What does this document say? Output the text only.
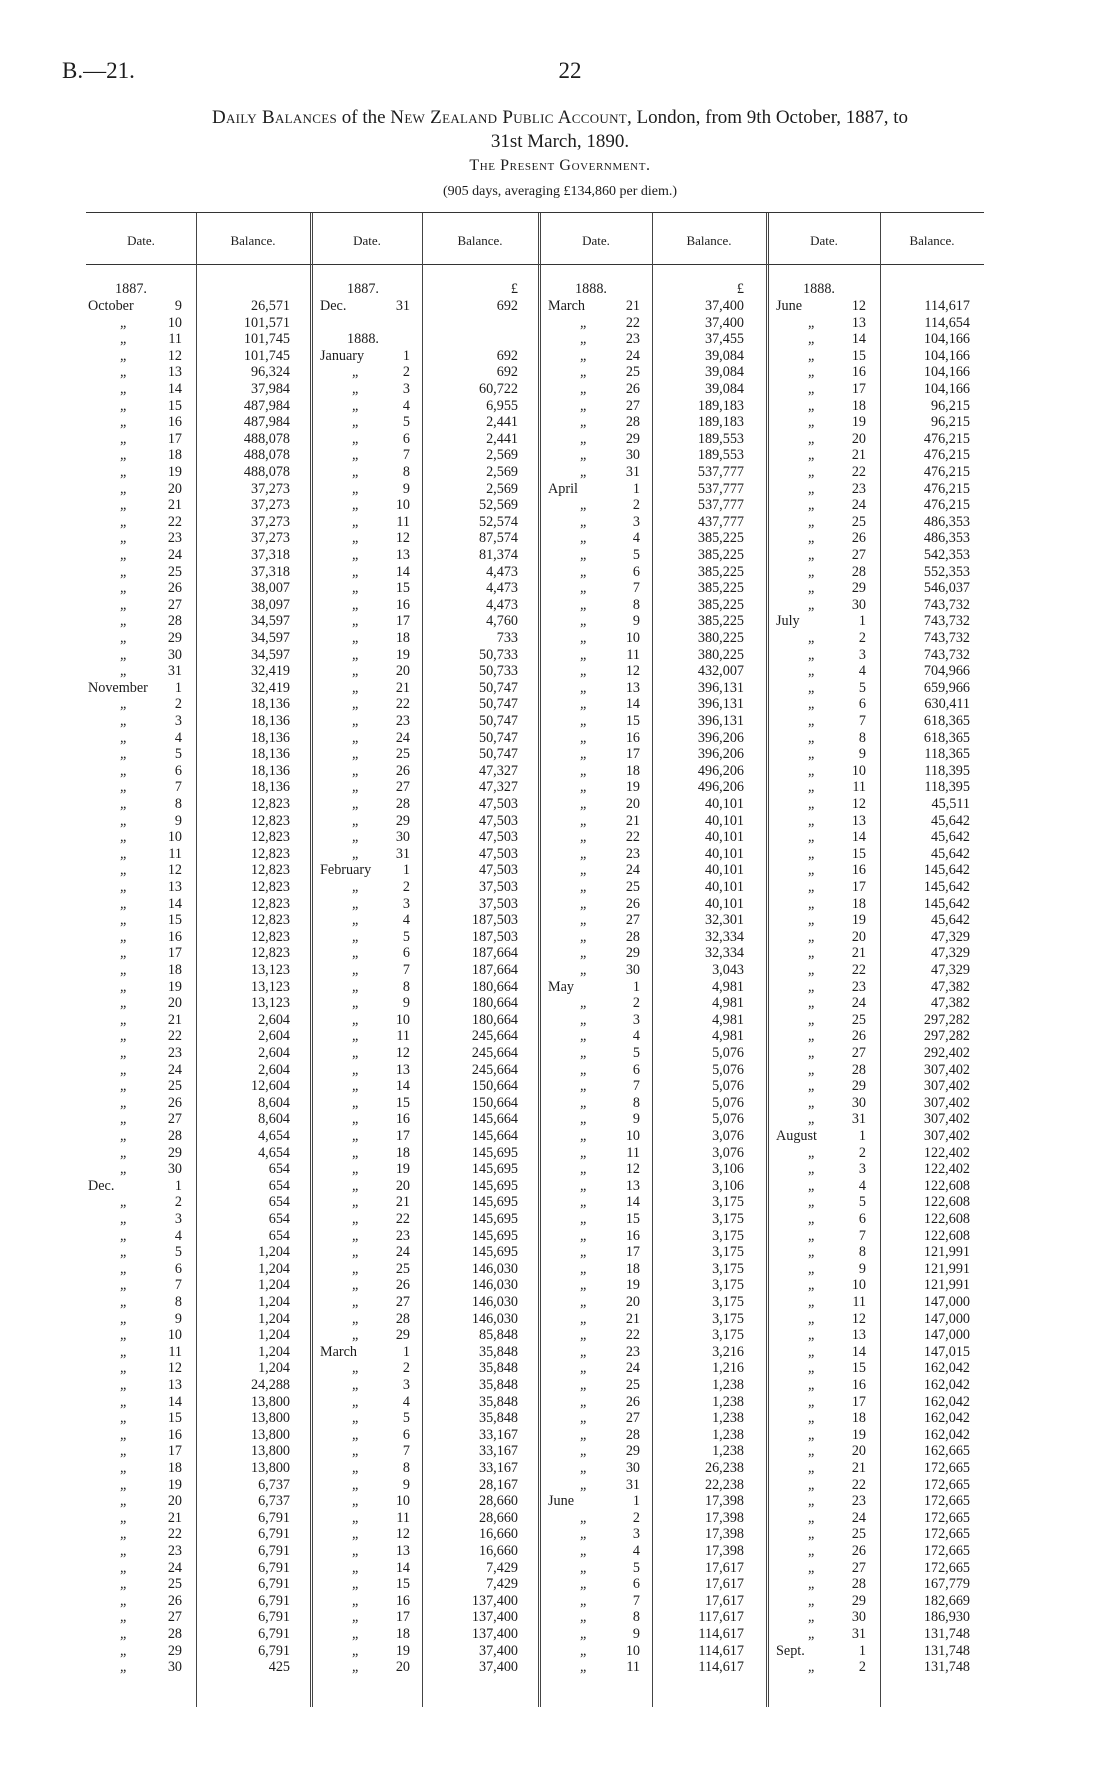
B.—21.	22
Daily Balances of the New Zealand Public Account, London, from 9th October, 1887, to
31st March, 1890.
The Present Government.
(905 days, averaging £134,860 per diem.)
Date.	Balance.	Date.	Balance.	Date.	Balance.	Date.	Balance.
1887.
October	9	26,571
„	10	101,571
„	11	101,745
„	12	101,745
„	13	96,324
„	14	37,984
„	15	487,984
„	16	487,984
„	17	488,078
„	18	488,078
„	19	488,078
„	20	37,273
„	21	37,273
„	22	37,273
„	23	37,273
„	24	37,318
„	25	37,318
„	26	38,007
„	27	38,097
„	28	34,597
„	29	34,597
„	30	34,597
„	31	32,419
November	1	32,419
„	2	18,136
„	3	18,136
„	4	18,136
„	5	18,136
„	6	18,136
„	7	18,136
„	8	12,823
„	9	12,823
„	10	12,823
„	11	12,823
„	12	12,823
„	13	12,823
„	14	12,823
„	15	12,823
„	16	12,823
„	17	12,823
„	18	13,123
„	19	13,123
„	20	13,123
„	21	2,604
„	22	2,604
„	23	2,604
„	24	2,604
„	25	12,604
„	26	8,604
„	27	8,604
„	28	4,654
„	29	4,654
„	30	654
Dec.	1	654
„	2	654
„	3	654
„	4	654
„	5	1,204
„	6	1,204
„	7	1,204
„	8	1,204
„	9	1,204
„	10	1,204
„	11	1,204
„	12	1,204
„	13	24,288
„	14	13,800
„	15	13,800
„	16	13,800
„	17	13,800
„	18	13,800
„	19	6,737
„	20	6,737
„	21	6,791
„	22	6,791
„	23	6,791
„	24	6,791
„	25	6,791
„	26	6,791
„	27	6,791
„	28	6,791
„	29	6,791
„	30	425
1887.	£
Dec.	31	692
1888.
January	1	692
„	2	692
„	3	60,722
„	4	6,955
„	5	2,441
„	6	2,441
„	7	2,569
„	8	2,569
„	9	2,569
„	10	52,569
„	11	52,574
„	12	87,574
„	13	81,374
„	14	4,473
„	15	4,473
„	16	4,473
„	17	4,760
„	18	733
„	19	50,733
„	20	50,733
„	21	50,747
„	22	50,747
„	23	50,747
„	24	50,747
„	25	50,747
„	26	47,327
„	27	47,327
„	28	47,503
„	29	47,503
„	30	47,503
„	31	47,503
February	1	47,503
„	2	37,503
„	3	37,503
„	4	187,503
„	5	187,503
„	6	187,664
„	7	187,664
„	8	180,664
„	9	180,664
„	10	180,664
„	11	245,664
„	12	245,664
„	13	245,664
„	14	150,664
„	15	150,664
„	16	145,664
„	17	145,664
„	18	145,695
„	19	145,695
„	20	145,695
„	21	145,695
„	22	145,695
„	23	145,695
„	24	145,695
„	25	146,030
„	26	146,030
„	27	146,030
„	28	146,030
„	29	85,848
March	1	35,848
„	2	35,848
„	3	35,848
„	4	35,848
„	5	35,848
„	6	33,167
„	7	33,167
„	8	33,167
„	9	28,167
„	10	28,660
„	11	28,660
„	12	16,660
„	13	16,660
„	14	7,429
„	15	7,429
„	16	137,400
„	17	137,400
„	18	137,400
„	19	37,400
„	20	37,400
1888.	£
March	21	37,400
„	22	37,400
„	23	37,455
„	24	39,084
„	25	39,084
„	26	39,084
„	27	189,183
„	28	189,183
„	29	189,553
„	30	189,553
„	31	537,777
April	1	537,777
„	2	537,777
„	3	437,777
„	4	385,225
„	5	385,225
„	6	385,225
„	7	385,225
„	8	385,225
„	9	385,225
„	10	380,225
„	11	380,225
„	12	432,007
„	13	396,131
„	14	396,131
„	15	396,131
„	16	396,206
„	17	396,206
„	18	496,206
„	19	496,206
„	20	40,101
„	21	40,101
„	22	40,101
„	23	40,101
„	24	40,101
„	25	40,101
„	26	40,101
„	27	32,301
„	28	32,334
„	29	32,334
„	30	3,043
May	1	4,981
„	2	4,981
„	3	4,981
„	4	4,981
„	5	5,076
„	6	5,076
„	7	5,076
„	8	5,076
„	9	5,076
„	10	3,076
„	11	3,076
„	12	3,106
„	13	3,106
„	14	3,175
„	15	3,175
„	16	3,175
„	17	3,175
„	18	3,175
„	19	3,175
„	20	3,175
„	21	3,175
„	22	3,175
„	23	3,216
„	24	1,216
„	25	1,238
„	26	1,238
„	27	1,238
„	28	1,238
„	29	1,238
„	30	26,238
„	31	22,238
June	1	17,398
„	2	17,398
„	3	17,398
„	4	17,398
„	5	17,617
„	6	17,617
„	7	17,617
„	8	117,617
„	9	114,617
„	10	114,617
„	11	114,617
1888.
June	12	114,617
„	13	114,654
„	14	104,166
„	15	104,166
„	16	104,166
„	17	104,166
„	18	96,215
„	19	96,215
„	20	476,215
„	21	476,215
„	22	476,215
„	23	476,215
„	24	476,215
„	25	486,353
„	26	486,353
„	27	542,353
„	28	552,353
„	29	546,037
„	30	743,732
July	1	743,732
„	2	743,732
„	3	743,732
„	4	704,966
„	5	659,966
„	6	630,411
„	7	618,365
„	8	618,365
„	9	118,365
„	10	118,395
„	11	118,395
„	12	45,511
„	13	45,642
„	14	45,642
„	15	45,642
„	16	145,642
„	17	145,642
„	18	145,642
„	19	45,642
„	20	47,329
„	21	47,329
„	22	47,329
„	23	47,382
„	24	47,382
„	25	297,282
„	26	297,282
„	27	292,402
„	28	307,402
„	29	307,402
„	30	307,402
„	31	307,402
August	1	307,402
„	2	122,402
„	3	122,402
„	4	122,608
„	5	122,608
„	6	122,608
„	7	122,608
„	8	121,991
„	9	121,991
„	10	121,991
„	11	147,000
„	12	147,000
„	13	147,000
„	14	147,015
„	15	162,042
„	16	162,042
„	17	162,042
„	18	162,042
„	19	162,042
„	20	162,665
„	21	172,665
„	22	172,665
„	23	172,665
„	24	172,665
„	25	172,665
„	26	172,665
„	27	172,665
„	28	167,779
„	29	182,669
„	30	186,930
„	31	131,748
Sept.	1	131,748
„	2	131,748
